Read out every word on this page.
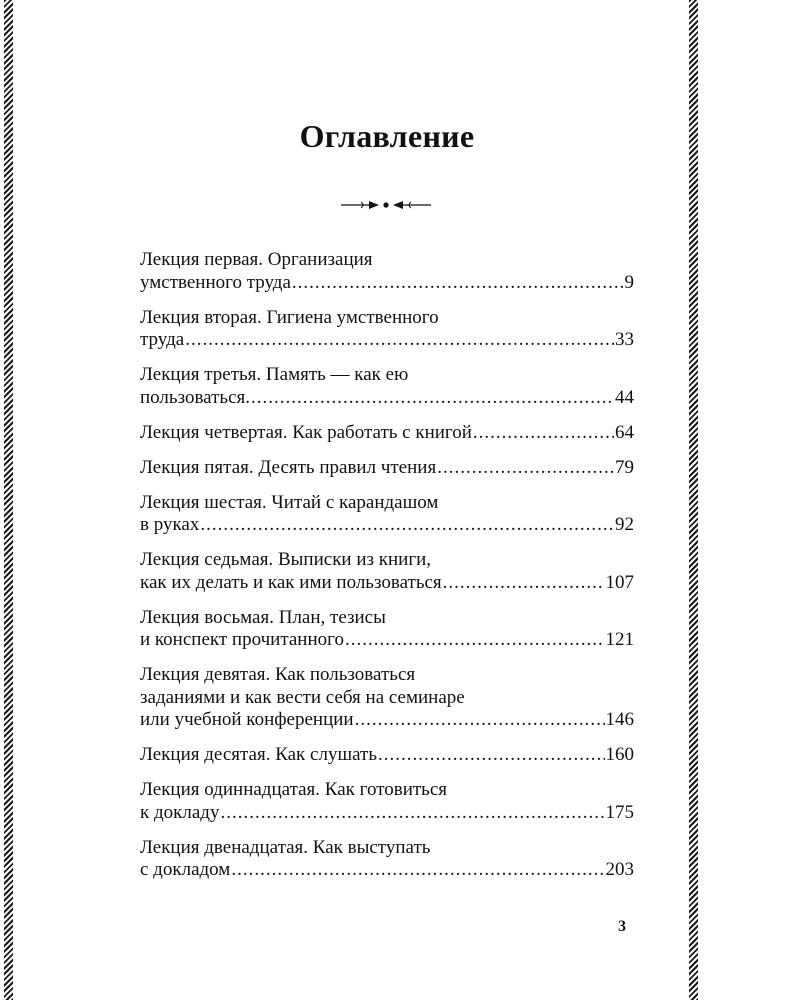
Оглавление
Лекция первая. Организация
умственного труда .....	9
Лекция вторая. Гигиена умственного
труда .....	33
Лекция третья. Память — как ею
пользоваться. .....	44
Лекция четвертая. Как работать с книгой .....	64
Лекция пятая. Десять правил чтения .....	79
Лекция шестая. Читай с карандашом
в руках .....	92
Лекция седьмая. Выписки из книги,
как их делать и как ими пользоваться .....	107
Лекция восьмая. План, тезисы
и конспект прочитанного .....	121
Лекция девятая. Как пользоваться
заданиями и как вести себя на семинаре
или учебной конференции .....	146
Лекция десятая. Как слушать .....	160
Лекция одиннадцатая. Как готовиться
к докладу .....	175
Лекция двенадцатая. Как выступать
с докладом .....	203
3
